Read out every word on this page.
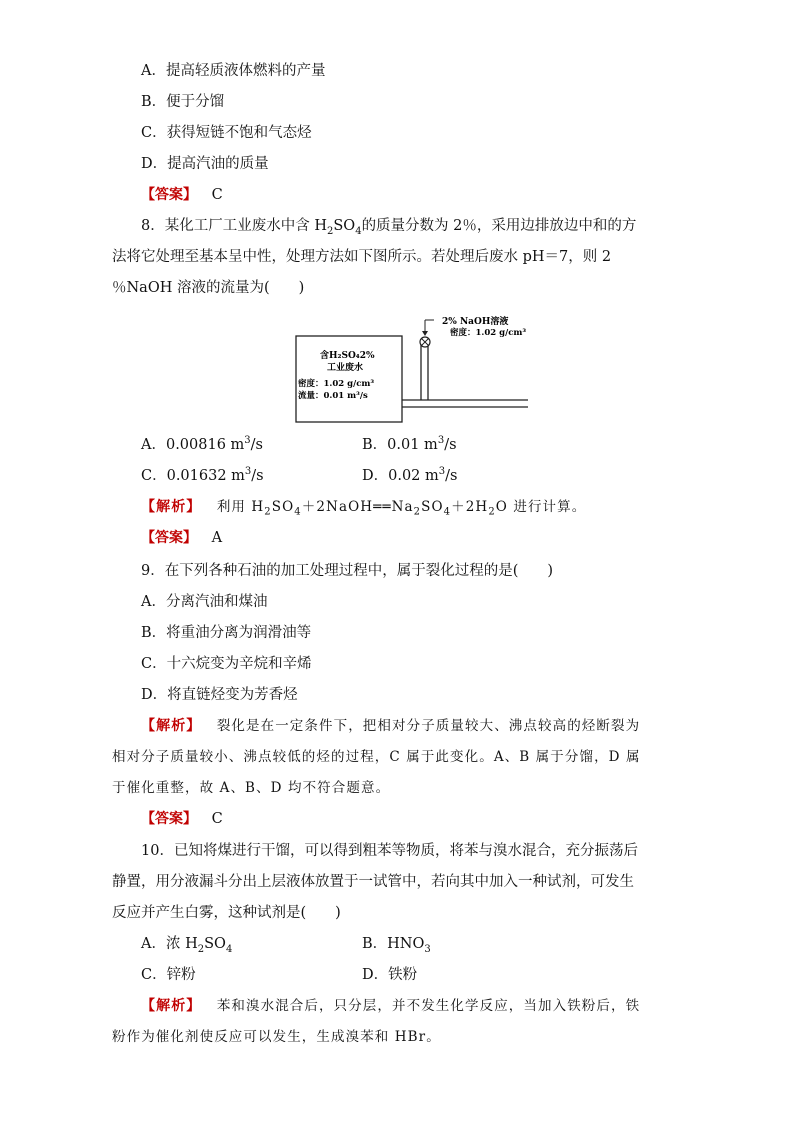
A．提高轻质液体燃料的产量
B．便于分馏
C．获得短链不饱和气态烃
D．提高汽油的质量
【答案】 C
8．某化工厂工业废水中含 $H_2SO_4$的质量分数为 2％，采用边排放边中和的方
法将它处理至基本呈中性，处理方法如下图所示。若处理后废水 pH＝7，则 2
％NaOH 溶液的流量为(　　)
2% NaOH溶液
密度：1.02 g/cm³
含H₂SO₄2%
工业废水
密度：1.02 g/cm³
流量：0.01 m³/s
A．0.00816 $m^3/s$	B．0.01 $m^3/s$
C．0.01632 $m^3/s$	D．0.02 $m^3/s$
【解析】 利用 $H_2SO_4+2NaOH══Na_2SO_4+2H_2O$ 进行计算。
【答案】 A
9．在下列各种石油的加工处理过程中，属于裂化过程的是(　　)
A．分离汽油和煤油
B．将重油分离为润滑油等
C．十六烷变为辛烷和辛烯
D．将直链烃变为芳香烃
【解析】 裂化是在一定条件下，把相对分子质量较大、沸点较高的烃断裂为
相对分子质量较小、沸点较低的烃的过程，C 属于此变化。A、B 属于分馏，D 属
于催化重整，故 A、B、D 均不符合题意。
【答案】 C
10．已知将煤进行干馏，可以得到粗苯等物质，将苯与溴水混合，充分振荡后
静置，用分液漏斗分出上层液体放置于一试管中，若向其中加入一种试剂，可发生
反应并产生白雾，这种试剂是(　　)
A．浓 $H_2SO_4$	B．$HNO_3$
C．锌粉	D．铁粉
【解析】 苯和溴水混合后，只分层，并不发生化学反应，当加入铁粉后，铁
粉作为催化剂使反应可以发生，生成溴苯和 HBr。
